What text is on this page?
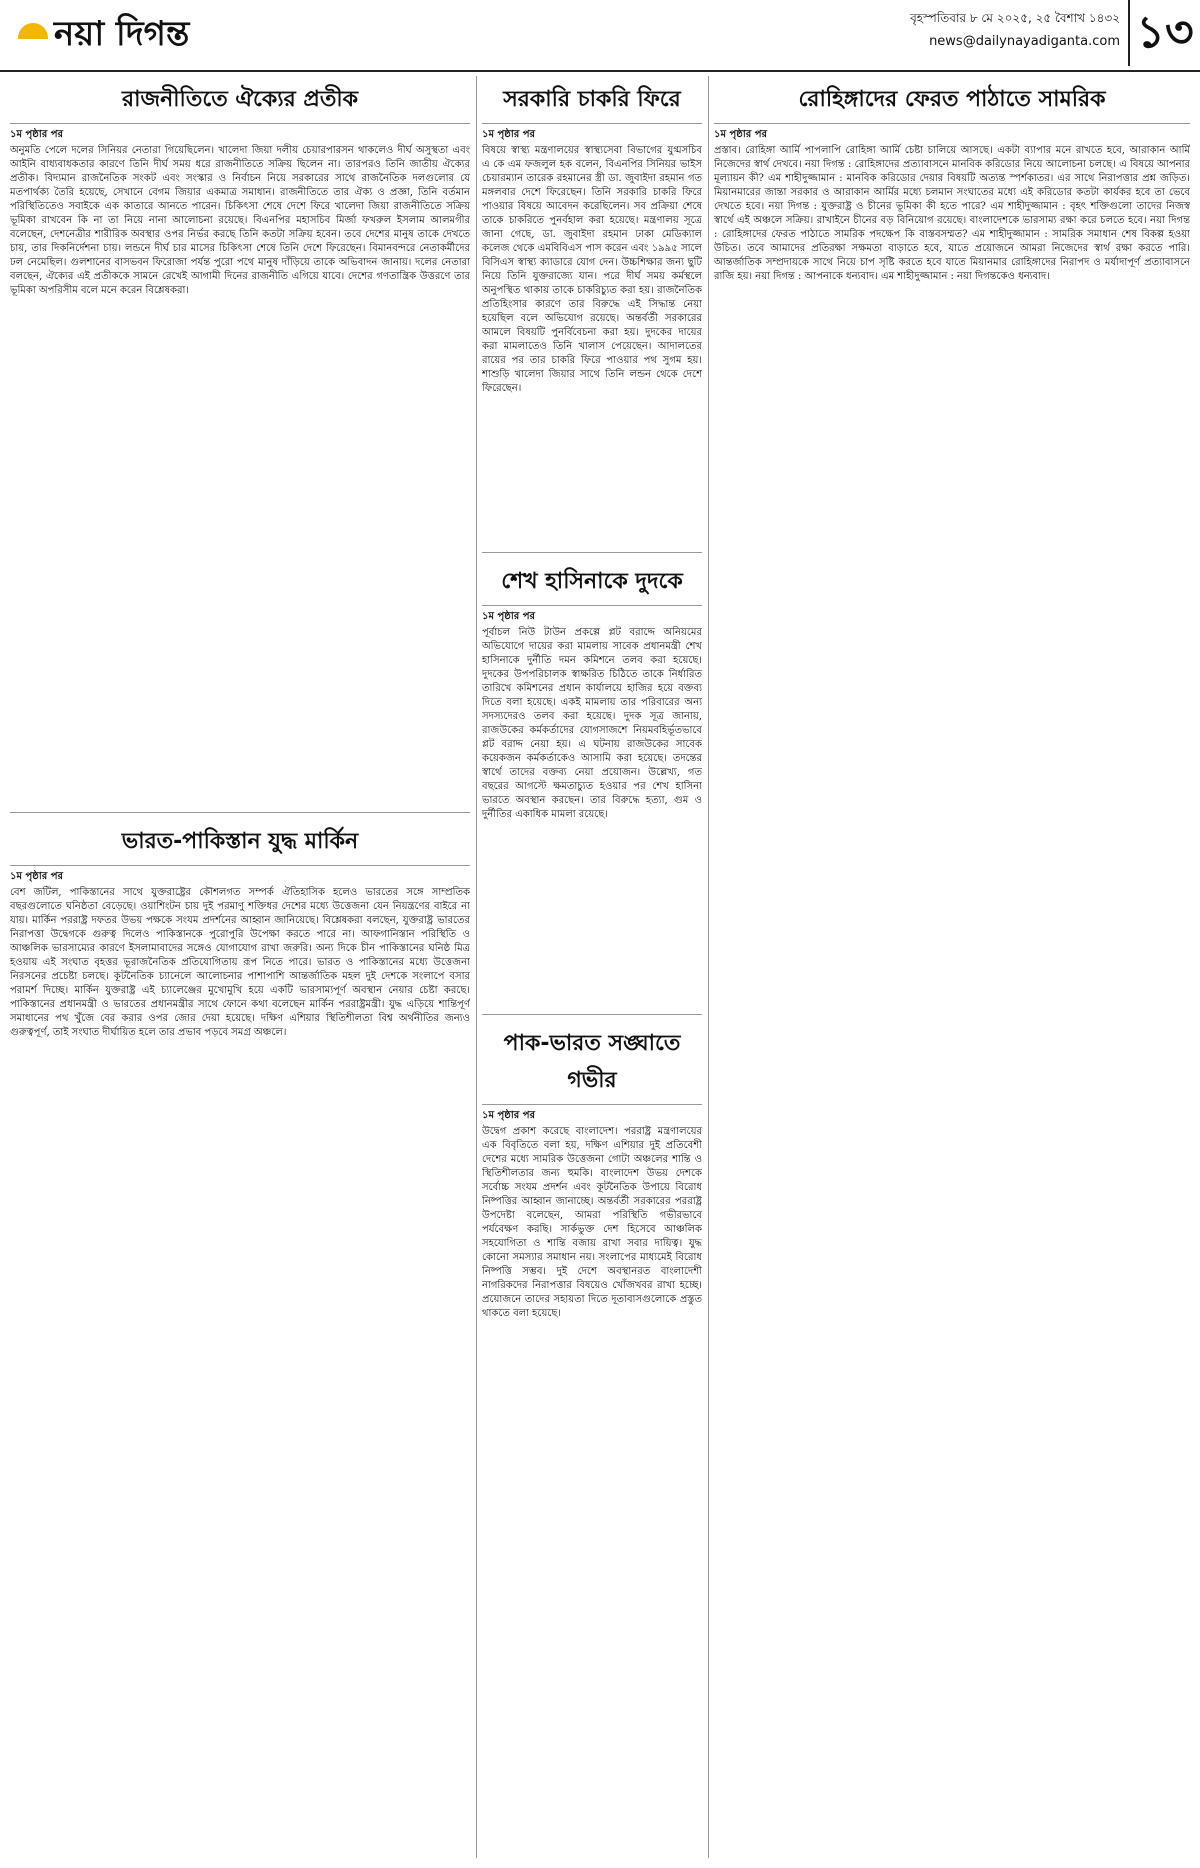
নয়া দিগন্ত	বৃহস্পতিবার ৮ মে ২০২৫, ২৫ বৈশাখ ১৪৩২
news@dailynayadiganta.com ১৩
রাজনীতিতে ঐক্যের প্রতীক
১ম পৃষ্ঠার পর
অনুমতি পেলে দলের সিনিয়র নেতারা গিয়েছিলেন। খালেদা জিয়া দলীয় চেয়ারপারসন থাকলেও দীর্ঘ অসুস্থতা এবং আইনি বাধ্যবাধকতার কারণে তিনি দীর্ঘ সময় ধরে রাজনীতিতে সক্রিয় ছিলেন না। তারপরও তিনি জাতীয় ঐক্যের প্রতীক। বিদ্যমান রাজনৈতিক সংকট এবং সংস্কার ও নির্বাচন নিয়ে সরকারের সাথে রাজনৈতিক দলগুলোর যে মতপার্থক্য তৈরি হয়েছে, সেখানে বেগম জিয়ার একমাত্র সমাধান। রাজনীতিতে তার ঐক্য ও প্রজ্ঞা, তিনি বর্তমান পরিস্থিতিতেও সবাইকে এক কাতারে আনতে পারেন। চিকিৎসা শেষে দেশে ফিরে খালেদা জিয়া রাজনীতিতে সক্রিয় ভূমিকা রাখবেন কি না তা নিয়ে নানা আলোচনা রয়েছে। বিএনপির মহাসচিব মির্জা ফখরুল ইসলাম আলমগীর বলেছেন, দেশনেত্রীর শারীরিক অবস্থার ওপর নির্ভর করছে তিনি কতটা সক্রিয় হবেন। তবে দেশের মানুষ তাকে দেখতে চায়, তার দিকনির্দেশনা চায়। লন্ডনে দীর্ঘ চার মাসের চিকিৎসা শেষে তিনি দেশে ফিরেছেন। বিমানবন্দরে নেতাকর্মীদের ঢল নেমেছিল। গুলশানের বাসভবন ফিরোজা পর্যন্ত পুরো পথে মানুষ দাঁড়িয়ে তাকে অভিবাদন জানায়। দলের নেতারা বলছেন, ঐক্যের এই প্রতীককে সামনে রেখেই আগামী দিনের রাজনীতি এগিয়ে যাবে। দেশের গণতান্ত্রিক উত্তরণে তার ভূমিকা অপরিসীম বলে মনে করেন বিশ্লেষকরা।
ভারত-পাকিস্তান যুদ্ধ মার্কিন
১ম পৃষ্ঠার পর
বেশ জটিল, পাকিস্তানের সাথে যুক্তরাষ্ট্রের কৌশলগত সম্পর্ক ঐতিহাসিক হলেও ভারতের সঙ্গে সাম্প্রতিক বছরগুলোতে ঘনিষ্ঠতা বেড়েছে। ওয়াশিংটন চায় দুই পরমাণু শক্তিধর দেশের মধ্যে উত্তেজনা যেন নিয়ন্ত্রণের বাইরে না যায়। মার্কিন পররাষ্ট্র দফতর উভয় পক্ষকে সংযম প্রদর্শনের আহ্বান জানিয়েছে। বিশ্লেষকরা বলছেন, যুক্তরাষ্ট্র ভারতের নিরাপত্তা উদ্বেগকে গুরুত্ব দিলেও পাকিস্তানকে পুরোপুরি উপেক্ষা করতে পারে না। আফগানিস্তান পরিস্থিতি ও আঞ্চলিক ভারসাম্যের কারণে ইসলামাবাদের সঙ্গেও যোগাযোগ রাখা জরুরি। অন্য দিকে চীন পাকিস্তানের ঘনিষ্ঠ মিত্র হওয়ায় এই সংঘাত বৃহত্তর ভূরাজনৈতিক প্রতিযোগিতায় রূপ নিতে পারে। ভারত ও পাকিস্তানের মধ্যে উত্তেজনা নিরসনের প্রচেষ্টা চলছে। কূটনৈতিক চ্যানেলে আলোচনার পাশাপাশি আন্তর্জাতিক মহল দুই দেশকে সংলাপে বসার পরামর্শ দিচ্ছে। মার্কিন যুক্তরাষ্ট্র এই চ্যালেঞ্জের মুখোমুখি হয়ে একটি ভারসাম্যপূর্ণ অবস্থান নেয়ার চেষ্টা করছে। পাকিস্তানের প্রধানমন্ত্রী ও ভারতের প্রধানমন্ত্রীর সাথে ফোনে কথা বলেছেন মার্কিন পররাষ্ট্রমন্ত্রী। যুদ্ধ এড়িয়ে শান্তিপূর্ণ সমাধানের পথ খুঁজে বের করার ওপর জোর দেয়া হয়েছে। দক্ষিণ এশিয়ার স্থিতিশীলতা বিশ্ব অর্থনীতির জন্যও গুরুত্বপূর্ণ, তাই সংঘাত দীর্ঘায়িত হলে তার প্রভাব পড়বে সমগ্র অঞ্চলে।
সরকারি চাকরি ফিরে
১ম পৃষ্ঠার পর
বিষয়ে স্বাস্থ্য মন্ত্রণালয়ের স্বাস্থ্যসেবা বিভাগের যুগ্মসচিব এ কে এম ফজলুল হক বলেন, বিএনপির সিনিয়র ভাইস চেয়ারম্যান তারেক রহমানের স্ত্রী ডা. জুবাইদা রহমান গত মঙ্গলবার দেশে ফিরেছেন। তিনি সরকারি চাকরি ফিরে পাওয়ার বিষয়ে আবেদন করেছিলেন। সব প্রক্রিয়া শেষে তাকে চাকরিতে পুনর্বহাল করা হয়েছে। মন্ত্রণালয় সূত্রে জানা গেছে, ডা. জুবাইদা রহমান ঢাকা মেডিক্যাল কলেজ থেকে এমবিবিএস পাস করেন এবং ১৯৯৫ সালে বিসিএস স্বাস্থ্য ক্যাডারে যোগ দেন। উচ্চশিক্ষার জন্য ছুটি নিয়ে তিনি যুক্তরাজ্যে যান। পরে দীর্ঘ সময় কর্মস্থলে অনুপস্থিত থাকায় তাকে চাকরিচ্যুত করা হয়। রাজনৈতিক প্রতিহিংসার কারণে তার বিরুদ্ধে এই সিদ্ধান্ত নেয়া হয়েছিল বলে অভিযোগ রয়েছে। অন্তর্বর্তী সরকারের আমলে বিষয়টি পুনর্বিবেচনা করা হয়। দুদকের দায়ের করা মামলাতেও তিনি খালাস পেয়েছেন। আদালতের রায়ের পর তার চাকরি ফিরে পাওয়ার পথ সুগম হয়। শাশুড়ি খালেদা জিয়ার সাথে তিনি লন্ডন থেকে দেশে ফিরেছেন।
শেখ হাসিনাকে দুদকে
১ম পৃষ্ঠার পর
পূর্বাচল নিউ টাউন প্রকল্পে প্লট বরাদ্দে অনিয়মের অভিযোগে দায়ের করা মামলায় সাবেক প্রধানমন্ত্রী শেখ হাসিনাকে দুর্নীতি দমন কমিশনে তলব করা হয়েছে। দুদকের উপপরিচালক স্বাক্ষরিত চিঠিতে তাকে নির্ধারিত তারিখে কমিশনের প্রধান কার্যালয়ে হাজির হয়ে বক্তব্য দিতে বলা হয়েছে। একই মামলায় তার পরিবারের অন্য সদস্যদেরও তলব করা হয়েছে। দুদক সূত্র জানায়, রাজউকের কর্মকর্তাদের যোগসাজশে নিয়মবহির্ভূতভাবে প্লট বরাদ্দ নেয়া হয়। এ ঘটনায় রাজউকের সাবেক কয়েকজন কর্মকর্তাকেও আসামি করা হয়েছে। তদন্তের স্বার্থে তাদের বক্তব্য নেয়া প্রয়োজন। উল্লেখ্য, গত বছরের আগস্টে ক্ষমতাচ্যুত হওয়ার পর শেখ হাসিনা ভারতে অবস্থান করছেন। তার বিরুদ্ধে হত্যা, গুম ও দুর্নীতির একাধিক মামলা রয়েছে।
পাক-ভারত সঙ্ঘাতে গভীর
১ম পৃষ্ঠার পর
উদ্বেগ প্রকাশ করেছে বাংলাদেশ। পররাষ্ট্র মন্ত্রণালয়ের এক বিবৃতিতে বলা হয়, দক্ষিণ এশিয়ার দুই প্রতিবেশী দেশের মধ্যে সামরিক উত্তেজনা গোটা অঞ্চলের শান্তি ও স্থিতিশীলতার জন্য হুমকি। বাংলাদেশ উভয় দেশকে সর্বোচ্চ সংযম প্রদর্শন এবং কূটনৈতিক উপায়ে বিরোধ নিষ্পত্তির আহ্বান জানাচ্ছে। অন্তর্বর্তী সরকারের পররাষ্ট্র উপদেষ্টা বলেছেন, আমরা পরিস্থিতি গভীরভাবে পর্যবেক্ষণ করছি। সার্কভুক্ত দেশ হিসেবে আঞ্চলিক সহযোগিতা ও শান্তি বজায় রাখা সবার দায়িত্ব। যুদ্ধ কোনো সমস্যার সমাধান নয়। সংলাপের মাধ্যমেই বিরোধ নিষ্পত্তি সম্ভব। দুই দেশে অবস্থানরত বাংলাদেশী নাগরিকদের নিরাপত্তার বিষয়েও খোঁজখবর রাখা হচ্ছে। প্রয়োজনে তাদের সহায়তা দিতে দূতাবাসগুলোকে প্রস্তুত থাকতে বলা হয়েছে।
রোহিঙ্গাদের ফেরত পাঠাতে সামরিক
১ম পৃষ্ঠার পর
প্রস্তাব। রোহিঙ্গা আর্মি পাপলাপি রোহিঙ্গা আর্মি চেষ্টা চালিয়ে আসছে। একটা ব্যাপার মনে রাখতে হবে, আরাকান আর্মি নিজেদের স্বার্থ দেখবে। নয়া দিগন্ত : রোহিঙ্গাদের প্রত্যাবাসনে মানবিক করিডোর নিয়ে আলোচনা চলছে। এ বিষয়ে আপনার মূল্যায়ন কী? এম শাহীদুজ্জামান : মানবিক করিডোর দেয়ার বিষয়টি অত্যন্ত স্পর্শকাতর। এর সাথে নিরাপত্তার প্রশ্ন জড়িত। মিয়ানমারের জান্তা সরকার ও আরাকান আর্মির মধ্যে চলমান সংঘাতের মধ্যে এই করিডোর কতটা কার্যকর হবে তা ভেবে দেখতে হবে। নয়া দিগন্ত : যুক্তরাষ্ট্র ও চীনের ভূমিকা কী হতে পারে? এম শাহীদুজ্জামান : বৃহৎ শক্তিগুলো তাদের নিজস্ব স্বার্থে এই অঞ্চলে সক্রিয়। রাখাইনে চীনের বড় বিনিয়োগ রয়েছে। বাংলাদেশকে ভারসাম্য রক্ষা করে চলতে হবে। নয়া দিগন্ত : রোহিঙ্গাদের ফেরত পাঠাতে সামরিক পদক্ষেপ কি বাস্তবসম্মত? এম শাহীদুজ্জামান : সামরিক সমাধান শেষ বিকল্প হওয়া উচিত। তবে আমাদের প্রতিরক্ষা সক্ষমতা বাড়াতে হবে, যাতে প্রয়োজনে আমরা নিজেদের স্বার্থ রক্ষা করতে পারি। আন্তর্জাতিক সম্প্রদায়কে সাথে নিয়ে চাপ সৃষ্টি করতে হবে যাতে মিয়ানমার রোহিঙ্গাদের নিরাপদ ও মর্যাদাপূর্ণ প্রত্যাবাসনে রাজি হয়। নয়া দিগন্ত : আপনাকে ধন্যবাদ। এম শাহীদুজ্জামান : নয়া দিগন্তকেও ধন্যবাদ।
